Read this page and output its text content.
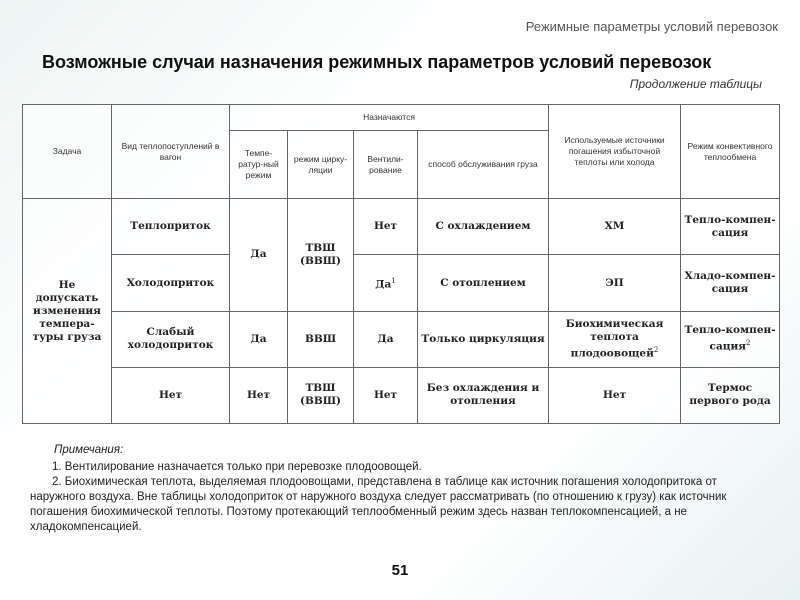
Режимные параметры условий перевозок
Возможные случаи назначения режимных параметров условий перевозок
Продолжение таблицы
Задача	Вид теплопоступлений в вагон	Назначаются				Используемые источники погашения избыточной теплоты или холода	Режим конвективного теплообмена
		Темпе-ратур-ный режим	режим цирку-ляции	Вентили-рование	способ обслуживания груза		
Не допускать изменения темпера-туры груза	Теплоприток	Да	ТВШ (ВВШ)	Нет	С охлаждением	ХМ	Тепло-компен-сация
	Холодоприток			$Да^1$	С отоплением	ЭП	Хладо-компен-сация
	Слабый холодоприток	Да	ВВШ	Да	Только циркуляция	Биохимическая теплота плодоовощей$^2$	Тепло-компен-сация$^2$
	Нет	Нет	ТВШ (ВВШ)	Нет	Без охлаждения и отопления	Нет	Термос первого рода
Примечания:

1. Вентилирование назначается только при перевозке плодоовощей.

2. Биохимическая теплота, выделяемая плодоовощами, представлена в таблице как источник погашения холодопритока от наружного воздуха. Вне таблицы холодоприток от наружного воздуха следует рассматривать (по отношению к грузу) как источник погашения биохимической теплоты. Поэтому протекающий теплообменный режим здесь назван теплокомпенсацией, а не хладокомпенсацией.

51
